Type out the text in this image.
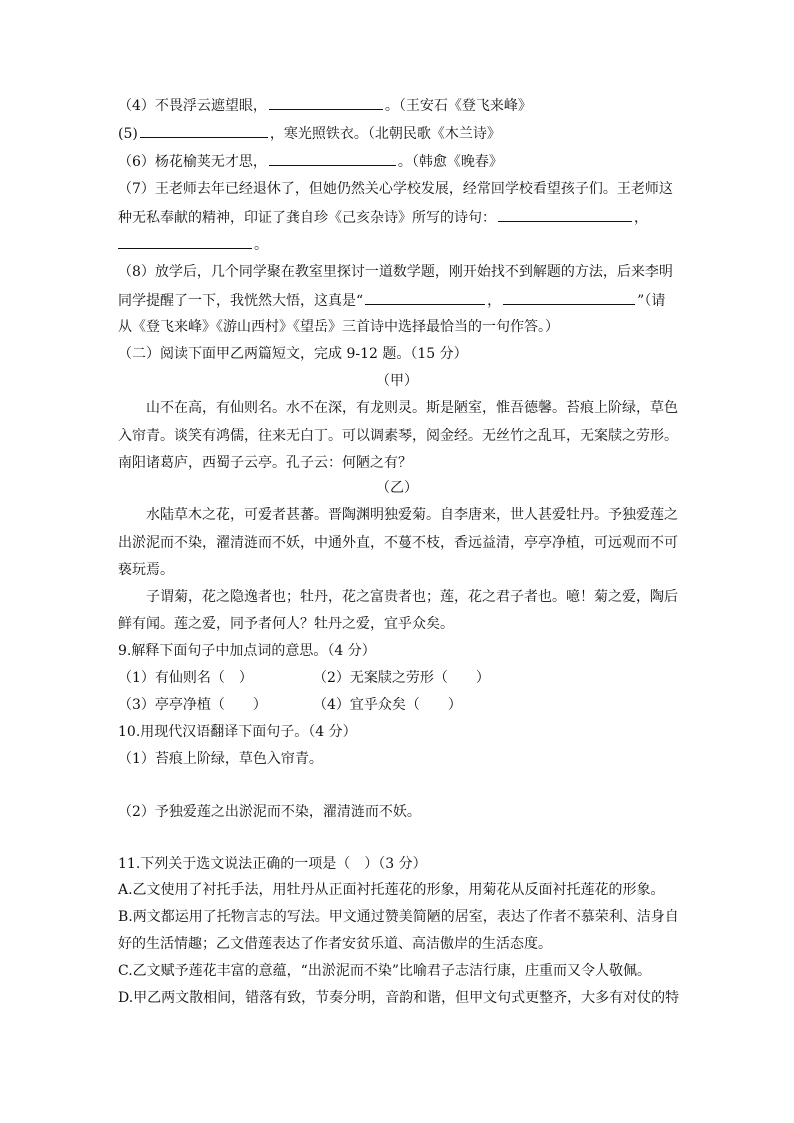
（4）不畏浮云遮望眼，	。（王安石《登飞来峰》
(5)	，寒光照铁衣。（北朝民歌《木兰诗》
（6）杨花榆荚无才思，	。（韩愈《晚春》
（7）王老师去年已经退休了，但她仍然关心学校发展，经常回学校看望孩子们。王老师这
种无私奉献的精神，印证了龚自珍《己亥杂诗》所写的诗句：	，
。
（8）放学后，几个同学聚在教室里探讨一道数学题，刚开始找不到解题的方法，后来李明
同学提醒了一下，我恍然大悟，这真是“	，	”（请
从《登飞来峰》《游山西村》《望岳》三首诗中选择最恰当的一句作答。）
（二）阅读下面甲乙两篇短文，完成 9-12 题。（15 分）
（甲）
山不在高，有仙则名。水不在深，有龙则灵。斯是陋室，惟吾德馨。苔痕上阶绿，草色
入帘青。谈笑有鸿儒，往来无白丁。可以调素琴，阅金经。无丝竹之乱耳，无案牍之劳形。
南阳诸葛庐，西蜀子云亭。孔子云：何陋之有？
（乙）
水陆草木之花，可爱者甚蕃。晋陶渊明独爱菊。自李唐来，世人甚爱牡丹。予独爱莲之
出淤泥而不染，濯清涟而不妖，中通外直，不蔓不枝，香远益清，亭亭净植，可远观而不可
亵玩焉。
子谓菊，花之隐逸者也；牡丹，花之富贵者也；莲，花之君子者也。噫！菊之爱，陶后
鲜有闻。莲之爱，同予者何人？牡丹之爱，宜乎众矣。
9.解释下面句子中加点词的意思。（4 分）
（1）有仙则名（　）	（2）无案牍之劳形（　　）
（3）亭亭净植（　　）	（4）宜乎众矣（　　）
10.用现代汉语翻译下面句子。（4 分）
（1）苔痕上阶绿，草色入帘青。
（2）予独爱莲之出淤泥而不染，濯清涟而不妖。
11.下列关于选文说法正确的一项是（　）（3 分）
A.乙文使用了衬托手法，用牡丹从正面衬托莲花的形象，用菊花从反面衬托莲花的形象。
B.两文都运用了托物言志的写法。甲文通过赞美简陋的居室，表达了作者不慕荣利、洁身自
好的生活情趣；乙文借莲表达了作者安贫乐道、高洁傲岸的生活态度。
C.乙文赋予莲花丰富的意蕴，“出淤泥而不染”比喻君子志洁行康，庄重而又令人敬佩。
D.甲乙两文散相间，错落有致，节奏分明，音韵和谐，但甲文句式更整齐，大多有对仗的特
